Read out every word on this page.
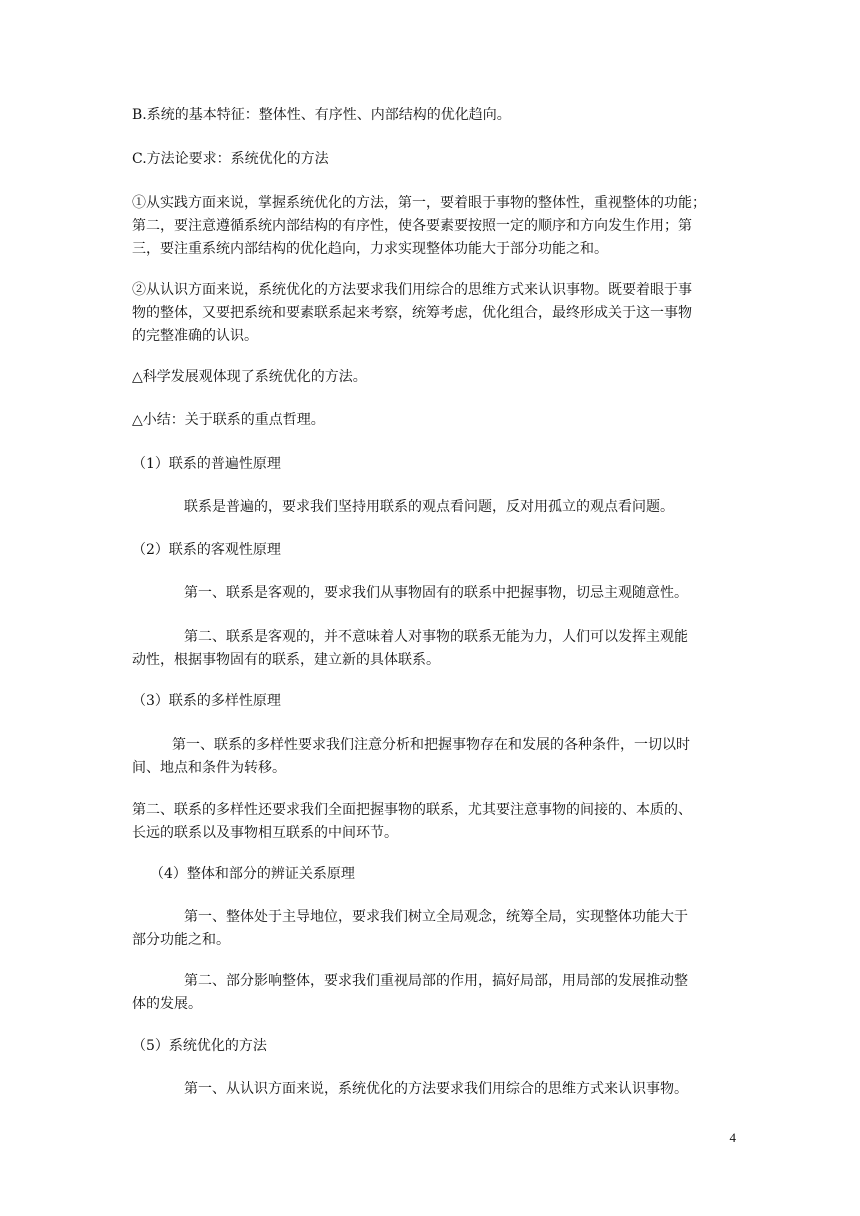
B.系统的基本特征：整体性、有序性、内部结构的优化趋向。
C.方法论要求：系统优化的方法
①从实践方面来说，掌握系统优化的方法，第一，要着眼于事物的整体性，重视整体的功能；
第二，要注意遵循系统内部结构的有序性，使各要素要按照一定的顺序和方向发生作用；第
三，要注重系统内部结构的优化趋向，力求实现整体功能大于部分功能之和。
②从认识方面来说，系统优化的方法要求我们用综合的思维方式来认识事物。既要着眼于事
物的整体，又要把系统和要素联系起来考察，统筹考虑，优化组合，最终形成关于这一事物
的完整准确的认识。
△科学发展观体现了系统优化的方法。
△小结：关于联系的重点哲理。
（1）联系的普遍性原理
联系是普遍的，要求我们坚持用联系的观点看问题，反对用孤立的观点看问题。
（2）联系的客观性原理
第一、联系是客观的，要求我们从事物固有的联系中把握事物，切忌主观随意性。
第二、联系是客观的，并不意味着人对事物的联系无能为力，人们可以发挥主观能
动性，根据事物固有的联系，建立新的具体联系。
（3）联系的多样性原理
第一、联系的多样性要求我们注意分析和把握事物存在和发展的各种条件，一切以时
间、地点和条件为转移。
第二、联系的多样性还要求我们全面把握事物的联系，尤其要注意事物的间接的、本质的、
长远的联系以及事物相互联系的中间环节。
（4）整体和部分的辨证关系原理
第一、整体处于主导地位，要求我们树立全局观念，统筹全局，实现整体功能大于
部分功能之和。
第二、部分影响整体，要求我们重视局部的作用，搞好局部，用局部的发展推动整
体的发展。
（5）系统优化的方法
第一、从认识方面来说，系统优化的方法要求我们用综合的思维方式来认识事物。
4
